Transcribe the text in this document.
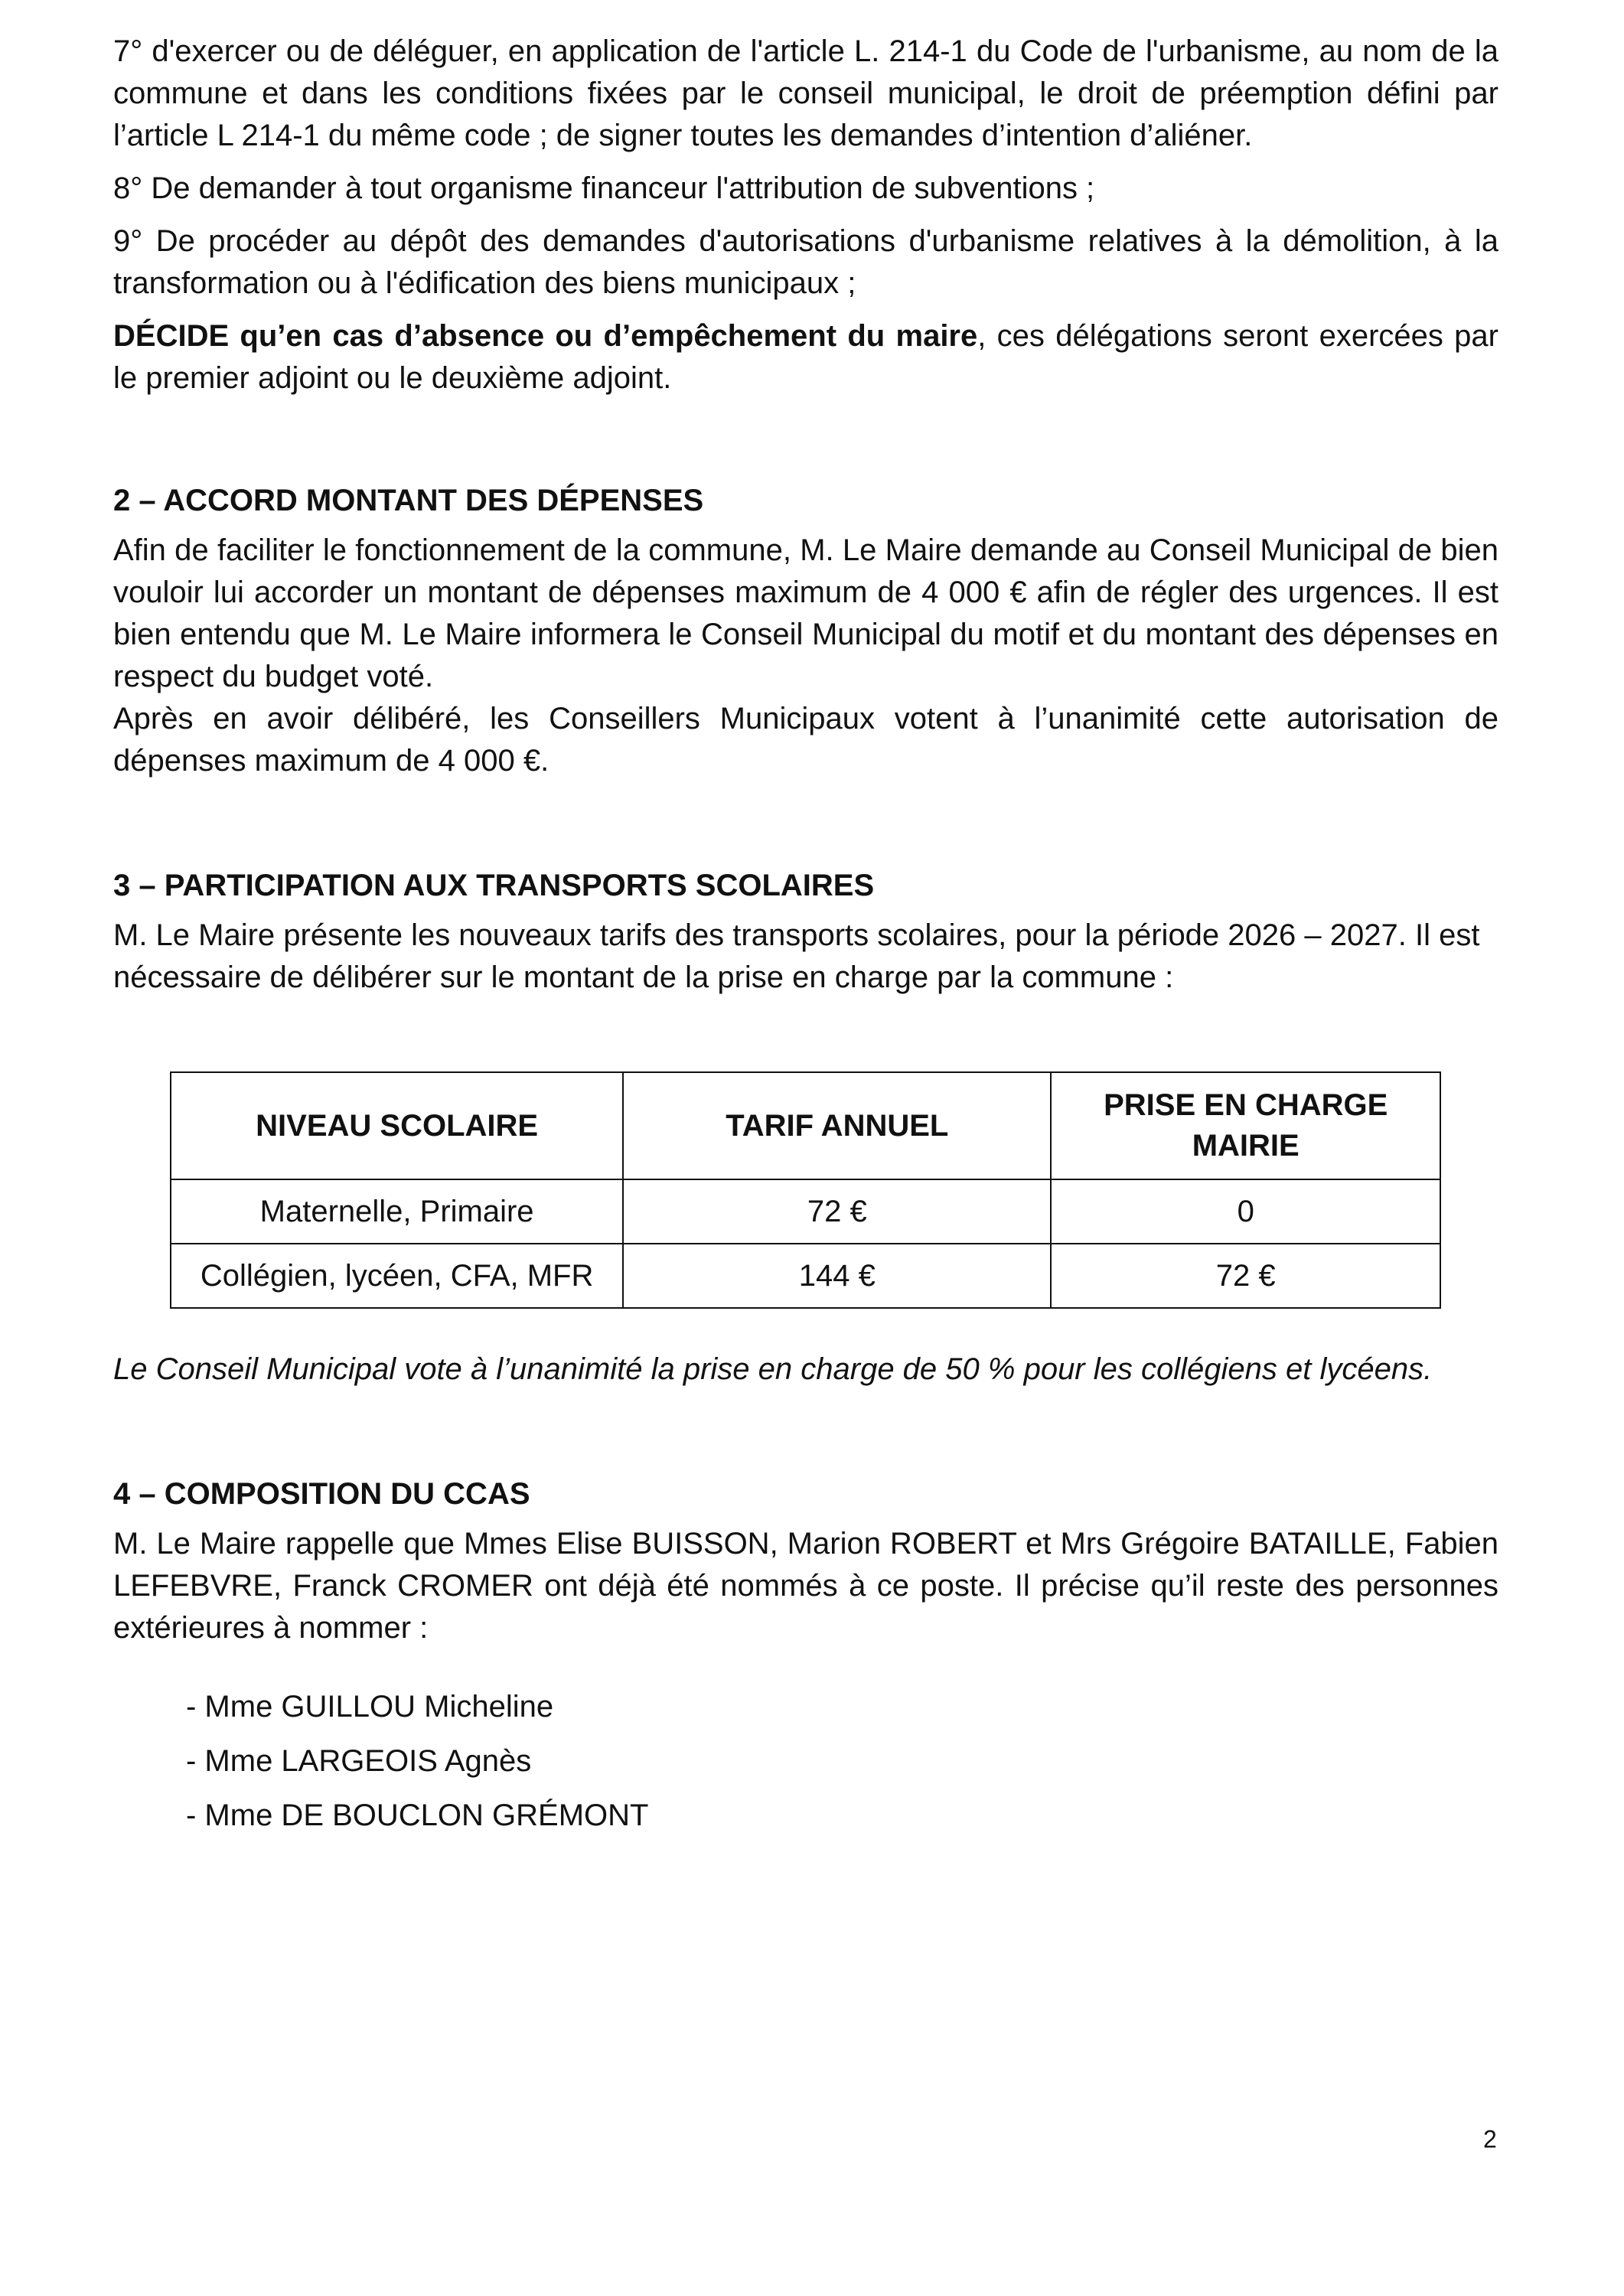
7° d'exercer ou de déléguer, en application de l'article L. 214-1 du Code de l'urbanisme, au nom de la commune et dans les conditions fixées par le conseil municipal, le droit de préemption défini par l’article L 214-1 du même code ; de signer toutes les demandes d’intention d’aliéner.

8° De demander à tout organisme financeur l'attribution de subventions ;

9° De procéder au dépôt des demandes d'autorisations d'urbanisme relatives à la démolition, à la transformation ou à l'édification des biens municipaux ;

DÉCIDE qu’en cas d’absence ou d’empêchement du maire, ces délégations seront exercées par le premier adjoint ou le deuxième adjoint.

2 – ACCORD MONTANT DES DÉPENSES

Afin de faciliter le fonctionnement de la commune, M. Le Maire demande au Conseil Municipal de bien vouloir lui accorder un montant de dépenses maximum de 4 000 € afin de régler des urgences. Il est bien entendu que M. Le Maire informera le Conseil Municipal du motif et du montant des dépenses en respect du budget voté.

Après en avoir délibéré, les Conseillers Municipaux votent à l’unanimité cette autorisation de dépenses maximum de 4 000 €.

3 – PARTICIPATION AUX TRANSPORTS SCOLAIRES

M. Le Maire présente les nouveaux tarifs des transports scolaires, pour la période 2026 – 2027. Il est nécessaire de délibérer sur le montant de la prise en charge par la commune :

NIVEAU SCOLAIRE	TARIF ANNUEL	PRISE EN CHARGE MAIRIE
Maternelle, Primaire	72 €	0
Collégien, lycéen, CFA, MFR	144 €	72 €

Le Conseil Municipal vote à l’unanimité la prise en charge de 50 % pour les collégiens et lycéens.

4 – COMPOSITION DU CCAS

M. Le Maire rappelle que Mmes Elise BUISSON, Marion ROBERT et Mrs Grégoire BATAILLE, Fabien LEFEBVRE, Franck CROMER ont déjà été nommés à ce poste. Il précise qu’il reste des personnes extérieures à nommer :

- Mme GUILLOU Micheline
- Mme LARGEOIS Agnès
- Mme DE BOUCLON GRÉMONT
2
